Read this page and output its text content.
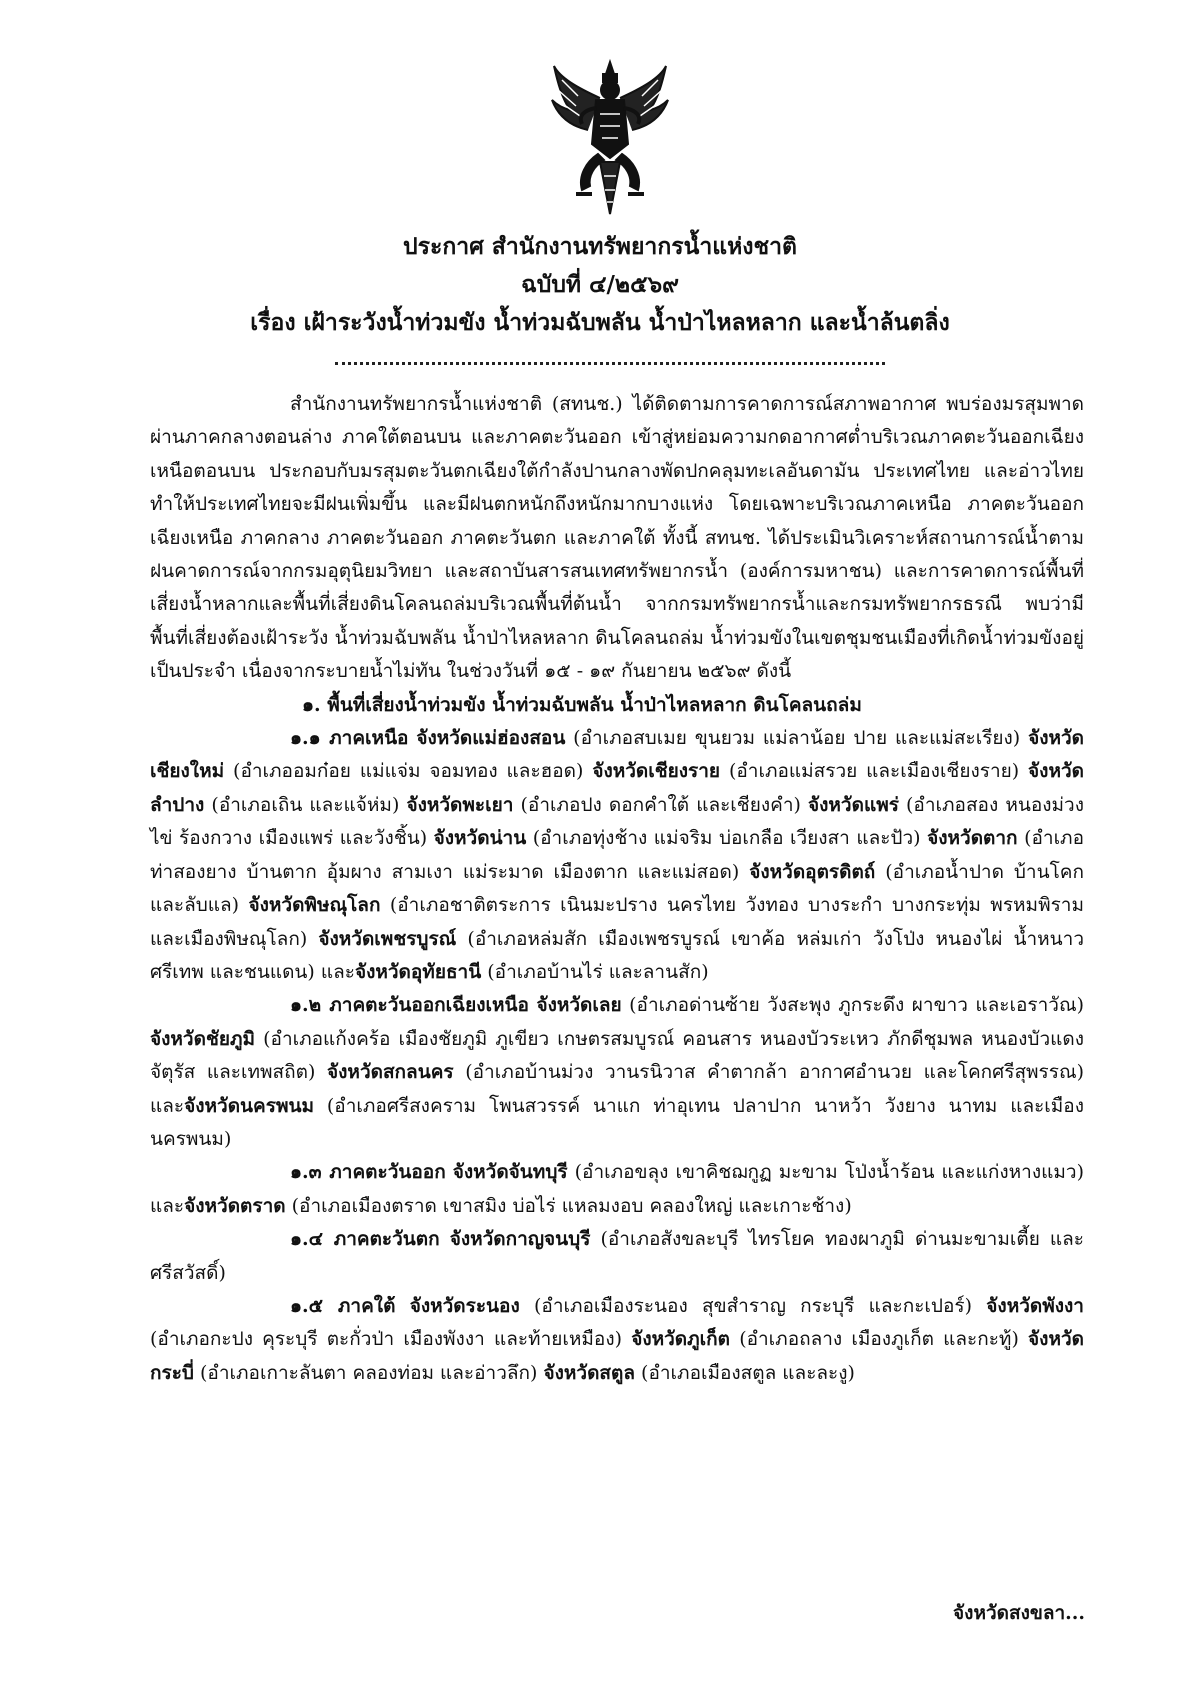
ประกาศ สำนักงานทรัพยากรน้ำแห่งชาติ
ฉบับที่ ๔/๒๕๖๙
เรื่อง เฝ้าระวังน้ำท่วมขัง น้ำท่วมฉับพลัน น้ำป่าไหลหลาก และน้ำล้นตลิ่ง

สำนักงานทรัพยากรน้ำแห่งชาติ (สทนช.) ได้ติดตามการคาดการณ์สภาพอากาศ พบร่องมรสุมพาดผ่านภาคกลางตอนล่าง ภาคใต้ตอนบน และภาคตะวันออก เข้าสู่หย่อมความกดอากาศต่ำบริเวณภาคตะวันออกเฉียงเหนือตอนบน ประกอบกับมรสุมตะวันตกเฉียงใต้กำลังปานกลางพัดปกคลุมทะเลอันดามัน ประเทศไทย และอ่าวไทย ทำให้ประเทศไทยจะมีฝนเพิ่มขึ้น และมีฝนตกหนักถึงหนักมากบางแห่ง โดยเฉพาะบริเวณภาคเหนือ ภาคตะวันออกเฉียงเหนือ ภาคกลาง ภาคตะวันออก ภาคตะวันตก และภาคใต้ ทั้งนี้ สทนช. ได้ประเมินวิเคราะห์สถานการณ์น้ำตามฝนคาดการณ์จากกรมอุตุนิยมวิทยา และสถาบันสารสนเทศทรัพยากรน้ำ (องค์การมหาชน) และการคาดการณ์พื้นที่เสี่ยงน้ำหลากและพื้นที่เสี่ยงดินโคลนถล่มบริเวณพื้นที่ต้นน้ำ จากกรมทรัพยากรน้ำและกรมทรัพยากรธรณี พบว่ามีพื้นที่เสี่ยงต้องเฝ้าระวัง น้ำท่วมฉับพลัน น้ำป่าไหลหลาก ดินโคลนถล่ม น้ำท่วมขังในเขตชุมชนเมืองที่เกิดน้ำท่วมขังอยู่เป็นประจำ เนื่องจากระบายน้ำไม่ทัน ในช่วงวันที่ ๑๕ - ๑๙ กันยายน ๒๕๖๙ ดังนี้

๑. พื้นที่เสี่ยงน้ำท่วมขัง น้ำท่วมฉับพลัน น้ำป่าไหลหลาก ดินโคลนถล่ม

๑.๑ ภาคเหนือ จังหวัดแม่ฮ่องสอน (อำเภอสบเมย ขุนยวม แม่ลาน้อย ปาย และแม่สะเรียง) จังหวัดเชียงใหม่ (อำเภออมก๋อย แม่แจ่ม จอมทอง และฮอด) จังหวัดเชียงราย (อำเภอแม่สรวย และเมืองเชียงราย) จังหวัดลำปาง (อำเภอเถิน และแจ้ห่ม) จังหวัดพะเยา (อำเภอปง ดอกคำใต้ และเชียงคำ) จังหวัดแพร่ (อำเภอสอง หนองม่วงไข่ ร้องกวาง เมืองแพร่ และวังชิ้น) จังหวัดน่าน (อำเภอทุ่งช้าง แม่จริม บ่อเกลือ เวียงสา และปัว) จังหวัดตาก (อำเภอท่าสองยาง บ้านตาก อุ้มผาง สามเงา แม่ระมาด เมืองตาก และแม่สอด) จังหวัดอุตรดิตถ์ (อำเภอน้ำปาด บ้านโคก และลับแล) จังหวัดพิษณุโลก (อำเภอชาติตระการ เนินมะปราง นครไทย วังทอง บางระกำ บางกระทุ่ม พรหมพิราม และเมืองพิษณุโลก) จังหวัดเพชรบูรณ์ (อำเภอหล่มสัก เมืองเพชรบูรณ์ เขาค้อ หล่มเก่า วังโป่ง หนองไผ่ น้ำหนาว ศรีเทพ และชนแดน) และจังหวัดอุทัยธานี (อำเภอบ้านไร่ และลานสัก)

๑.๒ ภาคตะวันออกเฉียงเหนือ จังหวัดเลย (อำเภอด่านซ้าย วังสะพุง ภูกระดึง ผาขาว และเอราวัณ) จังหวัดชัยภูมิ (อำเภอแก้งคร้อ เมืองชัยภูมิ ภูเขียว เกษตรสมบูรณ์ คอนสาร หนองบัวระเหว ภักดีชุมพล หนองบัวแดง จัตุรัส และเทพสถิต) จังหวัดสกลนคร (อำเภอบ้านม่วง วานรนิวาส คำตากล้า อากาศอำนวย และโคกศรีสุพรรณ) และจังหวัดนครพนม (อำเภอศรีสงคราม โพนสวรรค์ นาแก ท่าอุเทน ปลาปาก นาหว้า วังยาง นาทม และเมืองนครพนม)

๑.๓ ภาคตะวันออก จังหวัดจันทบุรี (อำเภอขลุง เขาคิชฌกูฏ มะขาม โป่งน้ำร้อน และแก่งหางแมว) และจังหวัดตราด (อำเภอเมืองตราด เขาสมิง บ่อไร่ แหลมงอบ คลองใหญ่ และเกาะช้าง)

๑.๔ ภาคตะวันตก จังหวัดกาญจนบุรี (อำเภอสังขละบุรี ไทรโยค ทองผาภูมิ ด่านมะขามเตี้ย และศรีสวัสดิ์)

๑.๕ ภาคใต้ จังหวัดระนอง (อำเภอเมืองระนอง สุขสำราญ กระบุรี และกะเปอร์) จังหวัดพังงา (อำเภอกะปง คุระบุรี ตะกั่วป่า เมืองพังงา และท้ายเหมือง) จังหวัดภูเก็ต (อำเภอถลาง เมืองภูเก็ต และกะทู้) จังหวัดกระบี่ (อำเภอเกาะลันตา คลองท่อม และอ่าวลึก) จังหวัดสตูล (อำเภอเมืองสตูล และละงู)

จังหวัดสงขลา...
